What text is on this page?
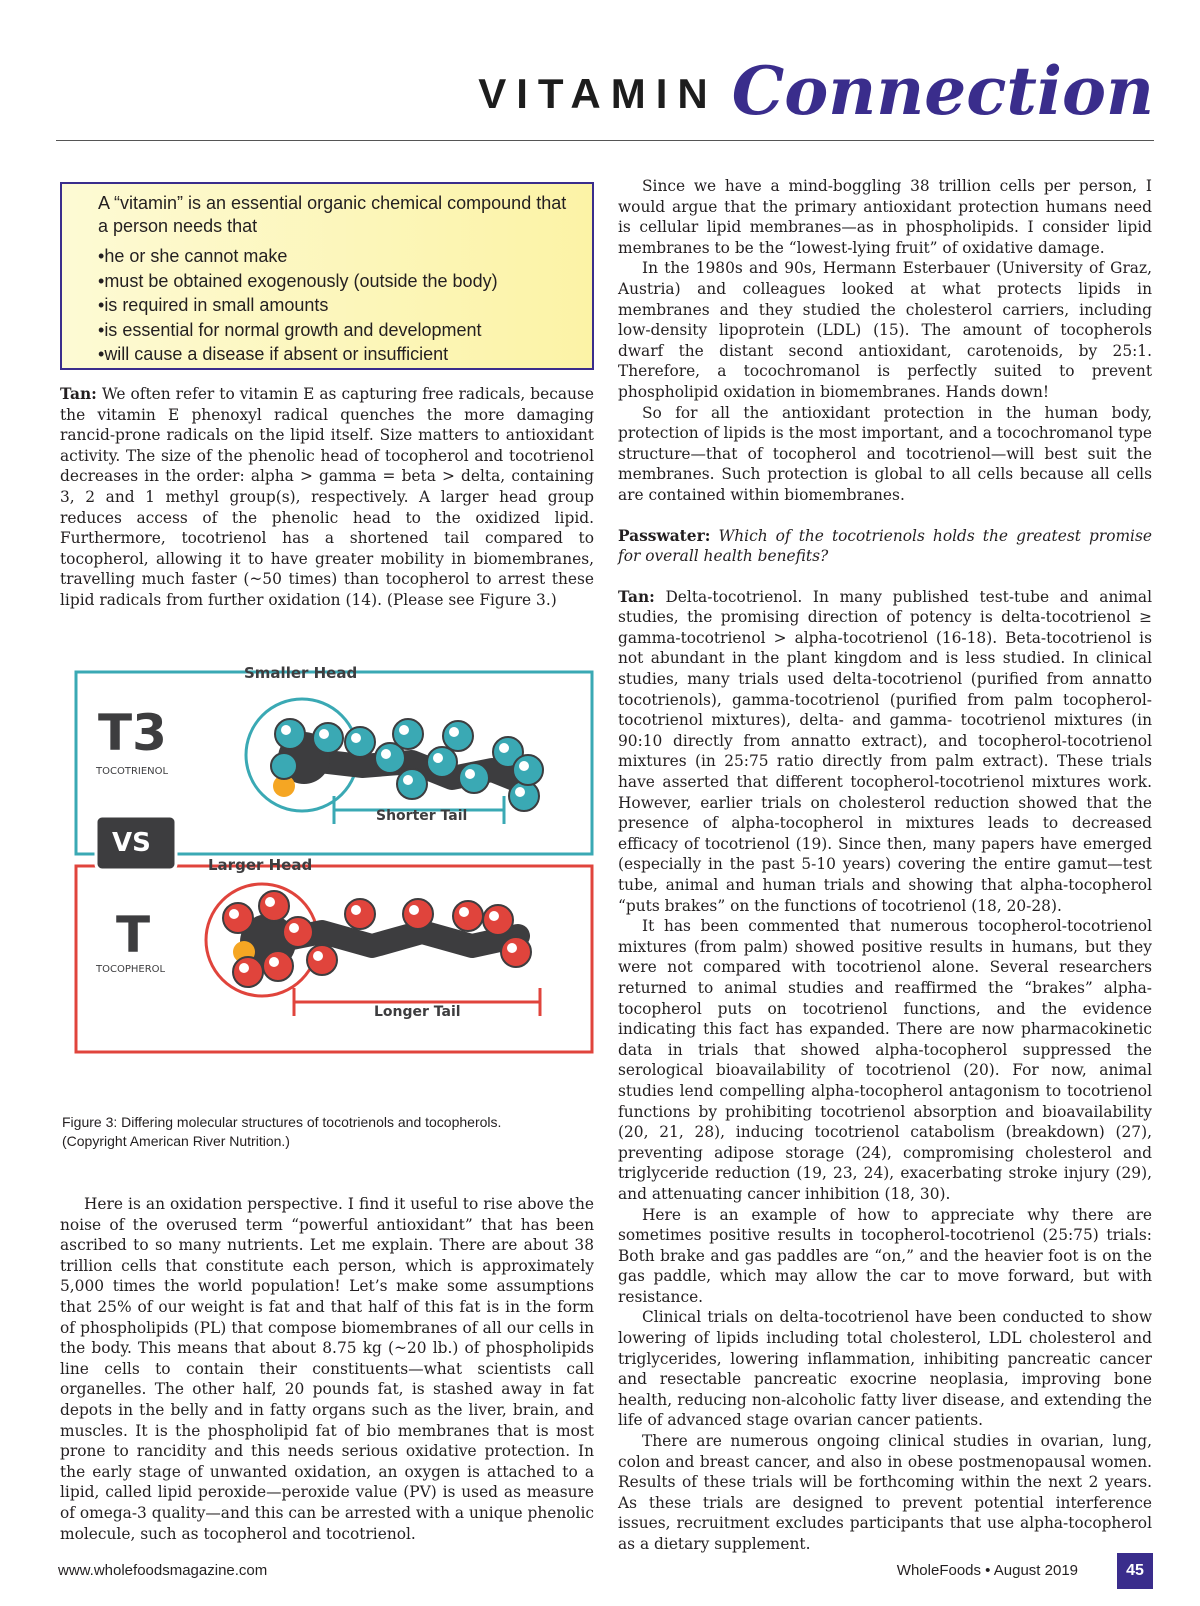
VITAMIN Connection

A “vitamin” is an essential organic chemical compound that a person needs that

• he or she cannot make
• must be obtained exogenously (outside the body)
• is required in small amounts
• is essential for normal growth and development
• will cause a disease if absent or insufficient

Tan: We often refer to vitamin E as capturing free radicals, because the vitamin E phenoxyl radical quenches the more damaging rancid-prone radicals on the lipid itself. Size matters to antioxidant activity. The size of the phenolic head of tocopherol and tocotrienol decreases in the order: alpha > gamma = beta > delta, containing 3, 2 and 1 methyl group(s), respectively. A larger head group reduces access of the phenolic head to the oxidized lipid. Furthermore, tocotrienol has a shortened tail compared to tocopherol, allowing it to have greater mobility in biomembranes, travelling much faster (~50 times) than tocopherol to arrest these lipid radicals from further oxidation (14). (Please see Figure 3.)

Smaller Head
T3
TOCOTRIENOL
Shorter Tail
VS
Larger Head
T
TOCOPHEROL
Longer Tail
Figure 3: Differing molecular structures of tocotrienols and tocopherols.
(Copyright American River Nutrition.)

Here is an oxidation perspective. I find it useful to rise above the noise of the overused term “powerful antioxidant” that has been ascribed to so many nutrients. Let me explain. There are about 38 trillion cells that constitute each person, which is approximately 5,000 times the world population! Let’s make some assumptions that 25% of our weight is fat and that half of this fat is in the form of phospholipids (PL) that compose biomembranes of all our cells in the body. This means that about 8.75 kg (~20 lb.) of phospholipids line cells to contain their constituents—what scientists call organelles. The other half, 20 pounds fat, is stashed away in fat depots in the belly and in fatty organs such as the liver, brain, and muscles. It is the phospholipid fat of bio membranes that is most prone to rancidity and this needs serious oxidative protection. In the early stage of unwanted oxidation, an oxygen is attached to a lipid, called lipid peroxide—peroxide value (PV) is used as measure of omega-3 quality—and this can be arrested with a unique phenolic molecule, such as tocopherol and tocotrienol.

Since we have a mind-boggling 38 trillion cells per person, I would argue that the primary antioxidant protection humans need is cellular lipid membranes—as in phospholipids. I consider lipid membranes to be the “lowest-lying fruit” of oxidative damage.

In the 1980s and 90s, Hermann Esterbauer (University of Graz, Austria) and colleagues looked at what protects lipids in membranes and they studied the cholesterol carriers, including low-density lipoprotein (LDL) (15). The amount of tocopherols dwarf the distant second antioxidant, carotenoids, by 25:1. Therefore, a tocochromanol is perfectly suited to prevent phospholipid oxidation in biomembranes. Hands down!

So for all the antioxidant protection in the human body, protection of lipids is the most important, and a tocochromanol type structure—that of tocopherol and tocotrienol—will best suit the membranes. Such protection is global to all cells because all cells are contained within biomembranes.

Passwater: Which of the tocotrienols holds the greatest promise for overall health benefits?

Tan: Delta-tocotrienol. In many published test-tube and animal studies, the promising direction of potency is delta-tocotrienol ≥ gamma-tocotrienol > alpha-tocotrienol (16-18). Beta-tocotrienol is not abundant in the plant kingdom and is less studied. In clinical studies, many trials used delta-tocotrienol (purified from annatto tocotrienols), gamma-tocotrienol (purified from palm tocopherol-tocotrienol mixtures), delta- and gamma- tocotrienol mixtures (in 90:10 directly from annatto extract), and tocopherol-tocotrienol mixtures (in 25:75 ratio directly from palm extract). These trials have asserted that different tocopherol-tocotrienol mixtures work. However, earlier trials on cholesterol reduction showed that the presence of alpha-tocopherol in mixtures leads to decreased efficacy of tocotrienol (19). Since then, many papers have emerged (especially in the past 5-10 years) covering the entire gamut—test tube, animal and human trials and showing that alpha-tocopherol “puts brakes” on the functions of tocotrienol (18, 20-28).

It has been commented that numerous tocopherol-tocotrienol mixtures (from palm) showed positive results in humans, but they were not compared with tocotrienol alone. Several researchers returned to animal studies and reaffirmed the “brakes” alpha-tocopherol puts on tocotrienol functions, and the evidence indicating this fact has expanded. There are now pharmacokinetic data in trials that showed alpha-tocopherol suppressed the serological bioavailability of tocotrienol (20). For now, animal studies lend compelling alpha-tocopherol antagonism to tocotrienol functions by prohibiting tocotrienol absorption and bioavailability (20, 21, 28), inducing tocotrienol catabolism (breakdown) (27), preventing adipose storage (24), compromising cholesterol and triglyceride reduction (19, 23, 24), exacerbating stroke injury (29), and attenuating cancer inhibition (18, 30).

Here is an example of how to appreciate why there are sometimes positive results in tocopherol-tocotrienol (25:75) trials: Both brake and gas paddles are “on,” and the heavier foot is on the gas paddle, which may allow the car to move forward, but with resistance.

Clinical trials on delta-tocotrienol have been conducted to show lowering of lipids including total cholesterol, LDL cholesterol and triglycerides, lowering inflammation, inhibiting pancreatic cancer and resectable pancreatic exocrine neoplasia, improving bone health, reducing non-alcoholic fatty liver disease, and extending the life of advanced stage ovarian cancer patients.

There are numerous ongoing clinical studies in ovarian, lung, colon and breast cancer, and also in obese postmenopausal women. Results of these trials will be forthcoming within the next 2 years. As these trials are designed to prevent potential interference issues, recruitment excludes participants that use alpha-tocopherol as a dietary supplement.

www.wholefoodsmagazine.com	WholeFoods • August 2019	45
